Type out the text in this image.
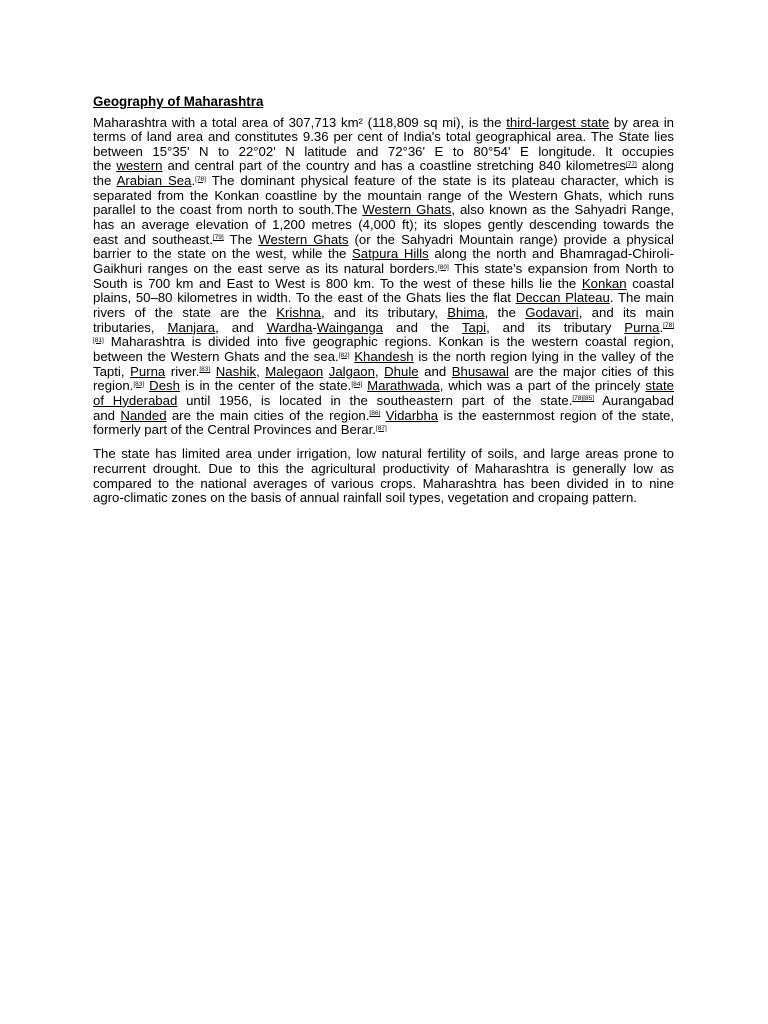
Geography of Maharashtra
Maharashtra with a total area of 307,713 km² (118,809 sq mi), is the third-largest state by area in
terms of land area and constitutes 9.36 per cent of India's total geographical area. The State lies
between 15°35' N to 22°02' N latitude and 72°36' E to 80°54' E longitude. It occupies
the western and central part of the country and has a coastline stretching 840 kilometres[77] along
the Arabian Sea.[78] The dominant physical feature of the state is its plateau character, which is
separated from the Konkan coastline by the mountain range of the Western Ghats, which runs
parallel to the coast from north to south.The Western Ghats, also known as the Sahyadri Range,
has an average elevation of 1,200 metres (4,000 ft); its slopes gently descending towards the
east and southeast.[79] The Western Ghats (or the Sahyadri Mountain range) provide a physical
barrier to the state on the west, while the Satpura Hills along the north and Bhamragad-Chiroli-
Gaikhuri ranges on the east serve as its natural borders.[80] This state's expansion from North to
South is 700 km and East to West is 800 km. To the west of these hills lie the Konkan coastal
plains, 50–80 kilometres in width. To the east of the Ghats lies the flat Deccan Plateau. The main
rivers of the state are the Krishna, and its tributary, Bhima, the Godavari, and its main
tributaries, Manjara, and Wardha-Wainganga and the Tapi, and its tributary Purna.[78]
[81] Maharashtra is divided into five geographic regions. Konkan is the western coastal region,
between the Western Ghats and the sea.[82] Khandesh is the north region lying in the valley of the
Tapti, Purna river.[83] Nashik, Malegaon Jalgaon, Dhule and Bhusawal are the major cities of this
region.[83] Desh is in the center of the state.[84] Marathwada, which was a part of the princely state
of Hyderabad until 1956, is located in the southeastern part of the state.[78][85] Aurangabad
and Nanded are the main cities of the region.[86] Vidarbha is the easternmost region of the state,
formerly part of the Central Provinces and Berar.[87]
The state has limited area under irrigation, low natural fertility of soils, and large areas prone to
recurrent drought. Due to this the agricultural productivity of Maharashtra is generally low as
compared to the national averages of various crops. Maharashtra has been divided in to nine
agro-climatic zones on the basis of annual rainfall soil types, vegetation and cropaing pattern.
